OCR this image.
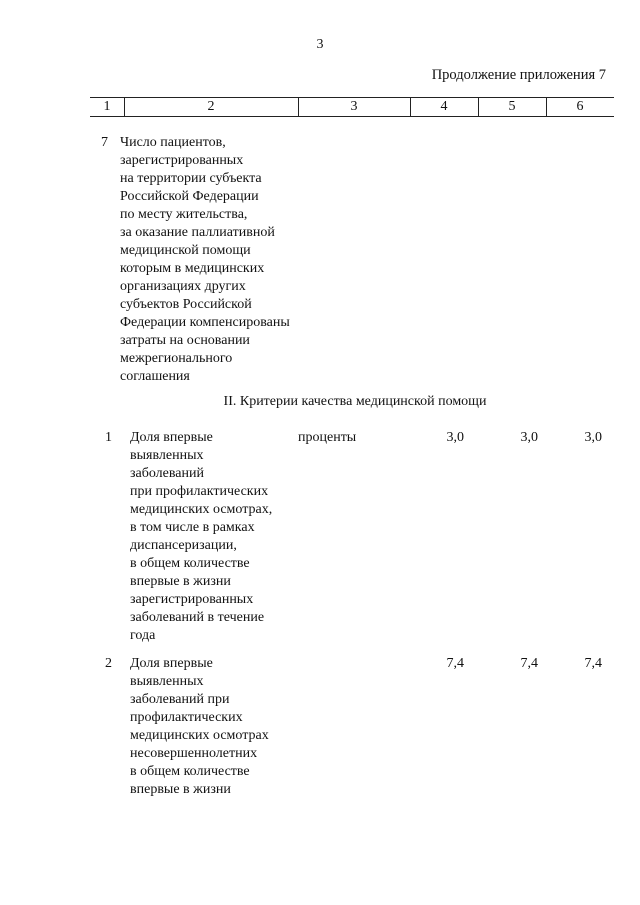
3
Продолжение приложения 7
1	2	3	4	5	6
7 Число пациентов,
зарегистрированных
на территории субъекта
Российской Федерации
по месту жительства,
за оказание паллиативной
медицинской помощи
которым в медицинских
организациях других
субъектов Российской
Федерации компенсированы
затраты на основании
межрегионального
соглашения
II. Критерии качества медицинской помощи
1 Доля впервые
выявленных
заболеваний
при профилактических
медицинских осмотрах,
в том числе в рамках
диспансеризации,
в общем количестве
впервые в жизни
зарегистрированных
заболеваний в течение
года
проценты	3,0	3,0	3,0
2 Доля впервые
выявленных
заболеваний при
профилактических
медицинских осмотрах
несовершеннолетних
в общем количестве
впервые в жизни
7,4	7,4	7,4
